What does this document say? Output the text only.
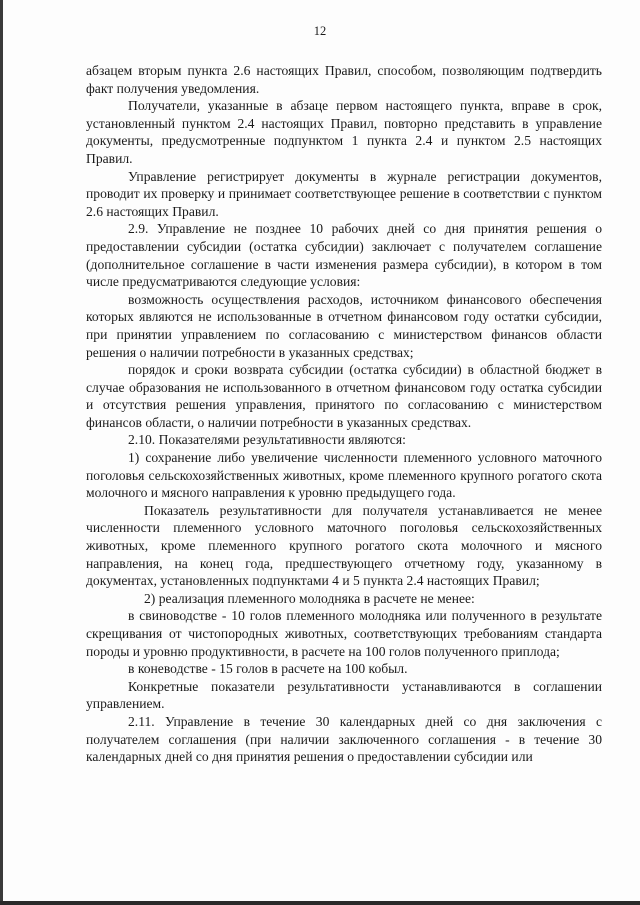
12

абзацем вторым пункта 2.6 настоящих Правил, способом, позволяющим подтвердить факт получения уведомления.

Получатели, указанные в абзаце первом настоящего пункта, вправе в срок, установленный пунктом 2.4 настоящих Правил, повторно представить в управление документы, предусмотренные подпунктом 1 пункта 2.4 и пунктом 2.5 настоящих Правил.

Управление регистрирует документы в журнале регистрации документов, проводит их проверку и принимает соответствующее решение в соответствии с пунктом 2.6 настоящих Правил.

2.9. Управление не позднее 10 рабочих дней со дня принятия решения о предоставлении субсидии (остатка субсидии) заключает с получателем соглашение (дополнительное соглашение в части изменения размера субсидии), в котором в том числе предусматриваются следующие условия:

возможность осуществления расходов, источником финансового обеспечения которых являются не использованные в отчетном финансовом году остатки субсидии, при принятии управлением по согласованию с министерством финансов области решения о наличии потребности в указанных средствах;

порядок и сроки возврата субсидии (остатка субсидии) в областной бюджет в случае образования не использованного в отчетном финансовом году остатка субсидии и отсутствия решения управления, принятого по согласованию с министерством финансов области, о наличии потребности в указанных средствах.

2.10. Показателями результативности являются:

1) сохранение либо увеличение численности племенного условного маточного поголовья сельскохозяйственных животных, кроме племенного крупного рогатого скота молочного и мясного направления к уровню предыдущего года.

Показатель результативности для получателя устанавливается не менее численности племенного условного маточного поголовья сельскохозяйственных животных, кроме племенного крупного рогатого скота молочного и мясного направления, на конец года, предшествующего отчетному году, указанному в документах, установленных подпунктами 4 и 5 пункта 2.4 настоящих Правил;

2) реализация племенного молодняка в расчете не менее:

в свиноводстве - 10 голов племенного молодняка или полученного в результате скрещивания от чистопородных животных, соответствующих требованиям стандарта породы и уровню продуктивности, в расчете на 100 голов полученного приплода;

в коневодстве - 15 голов в расчете на 100 кобыл.

Конкретные показатели результативности устанавливаются в соглашении управлением.

2.11. Управление в течение 30 календарных дней со дня заключения с получателем соглашения (при наличии заключенного соглашения - в течение 30 календарных дней со дня принятия решения о предоставлении субсидии или
